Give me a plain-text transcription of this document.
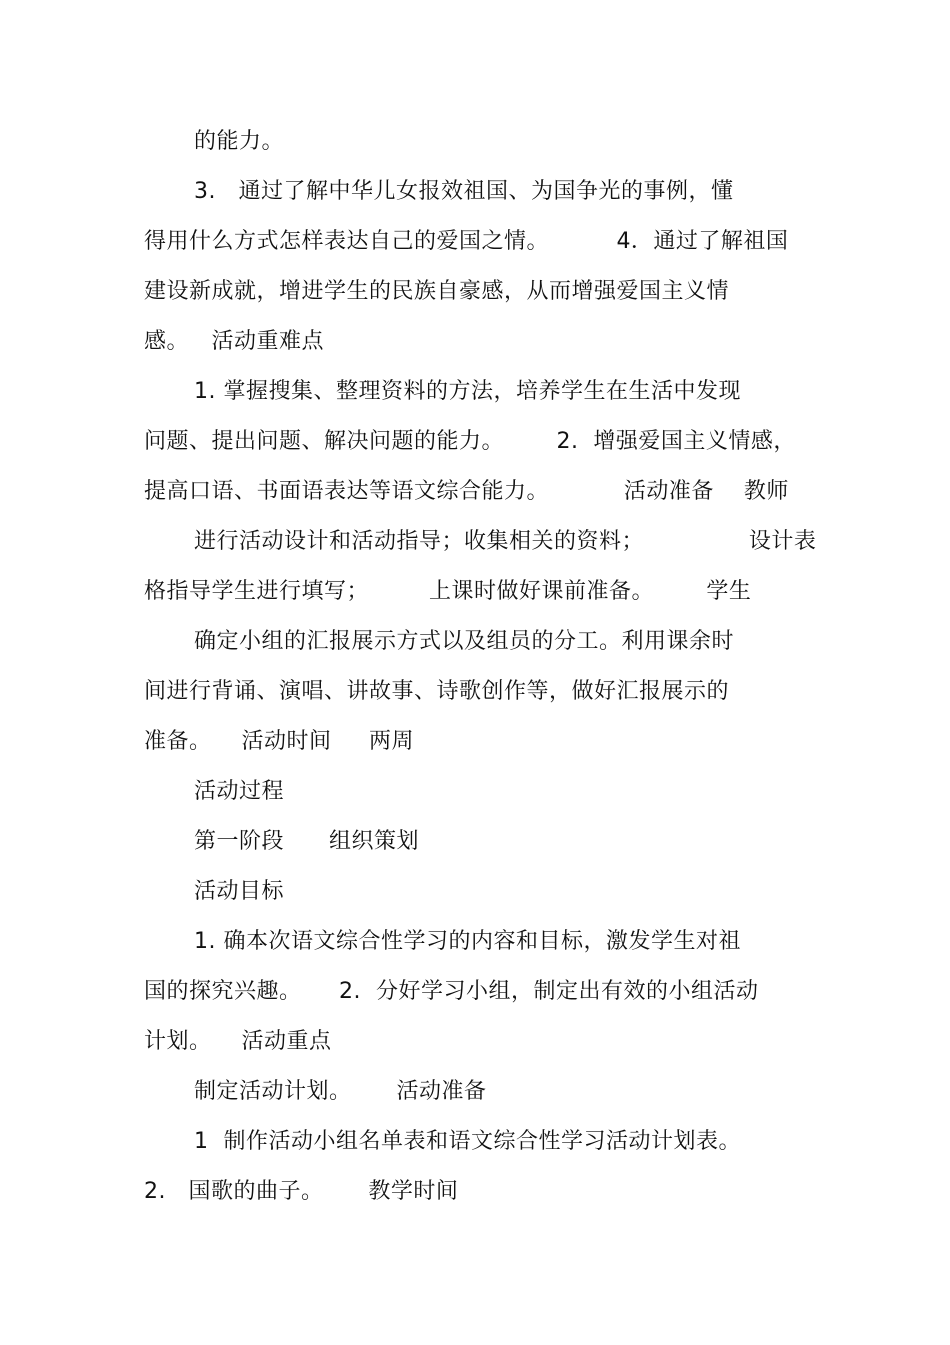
的能力。
3.   通过了解中华儿女报效祖国、为国争光的事例，懂
得用什么方式怎样表达自己的爱国之情。         4．通过了解祖国
建设新成就，增进学生的民族自豪感，从而增强爱国主义情
感。   活动重难点
1. 掌握搜集、整理资料的方法，培养学生在生活中发现
问题、提出问题、解决问题的能力。       2.  增强爱国主义情感，
提高口语、书面语表达等语文综合能力。          活动准备    教师
进行活动设计和活动指导；收集相关的资料；              设计表
格指导学生进行填写；        上课时做好课前准备。       学生
确定小组的汇报展示方式以及组员的分工。利用课余时
间进行背诵、演唱、讲故事、诗歌创作等，做好汇报展示的
准备。    活动时间     两周
活动过程
第一阶段      组织策划
活动目标
1. 确本次语文综合性学习的内容和目标，激发学生对祖
国的探究兴趣。     2.  分好学习小组，制定出有效的小组活动
计划。    活动重点
制定活动计划。      活动准备
1  制作活动小组名单表和语文综合性学习活动计划表。
2.   国歌的曲子。      教学时间
